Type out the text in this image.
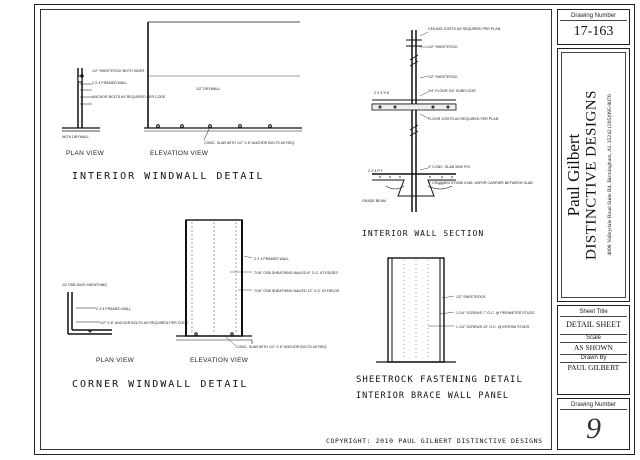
1/2" SHEETROCK BOTH SIDES
2 X 4 FRAMED WALL
ANCHOR BOLTS AS REQUIRED PER CODE
WITH DRYWALL
1/2" DRYWALL
CONC. SLAB WITH 1/2" X 8" ANCHOR BOLTS AS REQ.
CEILING JOISTS AS REQUIRED PER PLAN
1/2" SHEETROCK
1/2" SHEETROCK
3/4" FLOOR 3/4" SUBFLOOR
FLOOR JOISTS AS REQUIRED PER PLAN
4" CONC. SLAB 3000 PSI
4" CRUSHED STONE 6 MIL VAPOR CARRIER BETWEEN SLAB
GRADE BEAM
2 X 4 X 8
2 X 4 P.T.
1/2 OSB DWG SHEATHING
2 X 4 FRAMED WALL
1/2" X 8" ANCHOR BOLTS AS REQUIRED PER CODE
2 X 4 FRAMED WALL
7/16" OSB SHEATHING NAILED 6" O.C. AT EDGES
7/16" OSB SHEATHING NAILED 12" O.C. IN FIELDS
CONC. SLAB WITH 1/2" X 8" ANCHOR BOLTS AS REQ.
1/2" SHEETROCK
1 1/4" SCREWS 7" O.C. @ PERIMETER STUDS
1 1/4" SCREWS 10" O.C. @ INTERM STUDS
PLAN VIEW	ELEVATION VIEW
INTERIOR WINDWALL DETAIL
INTERIOR WALL SECTION
PLAN VIEW	ELEVATION VIEW
CORNER WINDWALL DETAIL	SHEETROCK FASTENING DETAIL
INTERIOR BRACE WALL PANEL
COPYRIGHT: 2010 PAUL GILBERT DISTINCTIVE DESIGNS
Drawing Number
17-163
Paul Gilbert DISTINCTIVE DESIGNS 4898 Valleydale Road Suite B4, Birmingham, AL 35242 (205)995-0070
Sheet Title
DETAIL SHEET
Scale
AS SHOWN
Drawn By
PAUL GILBERT
Drawing Number
9
